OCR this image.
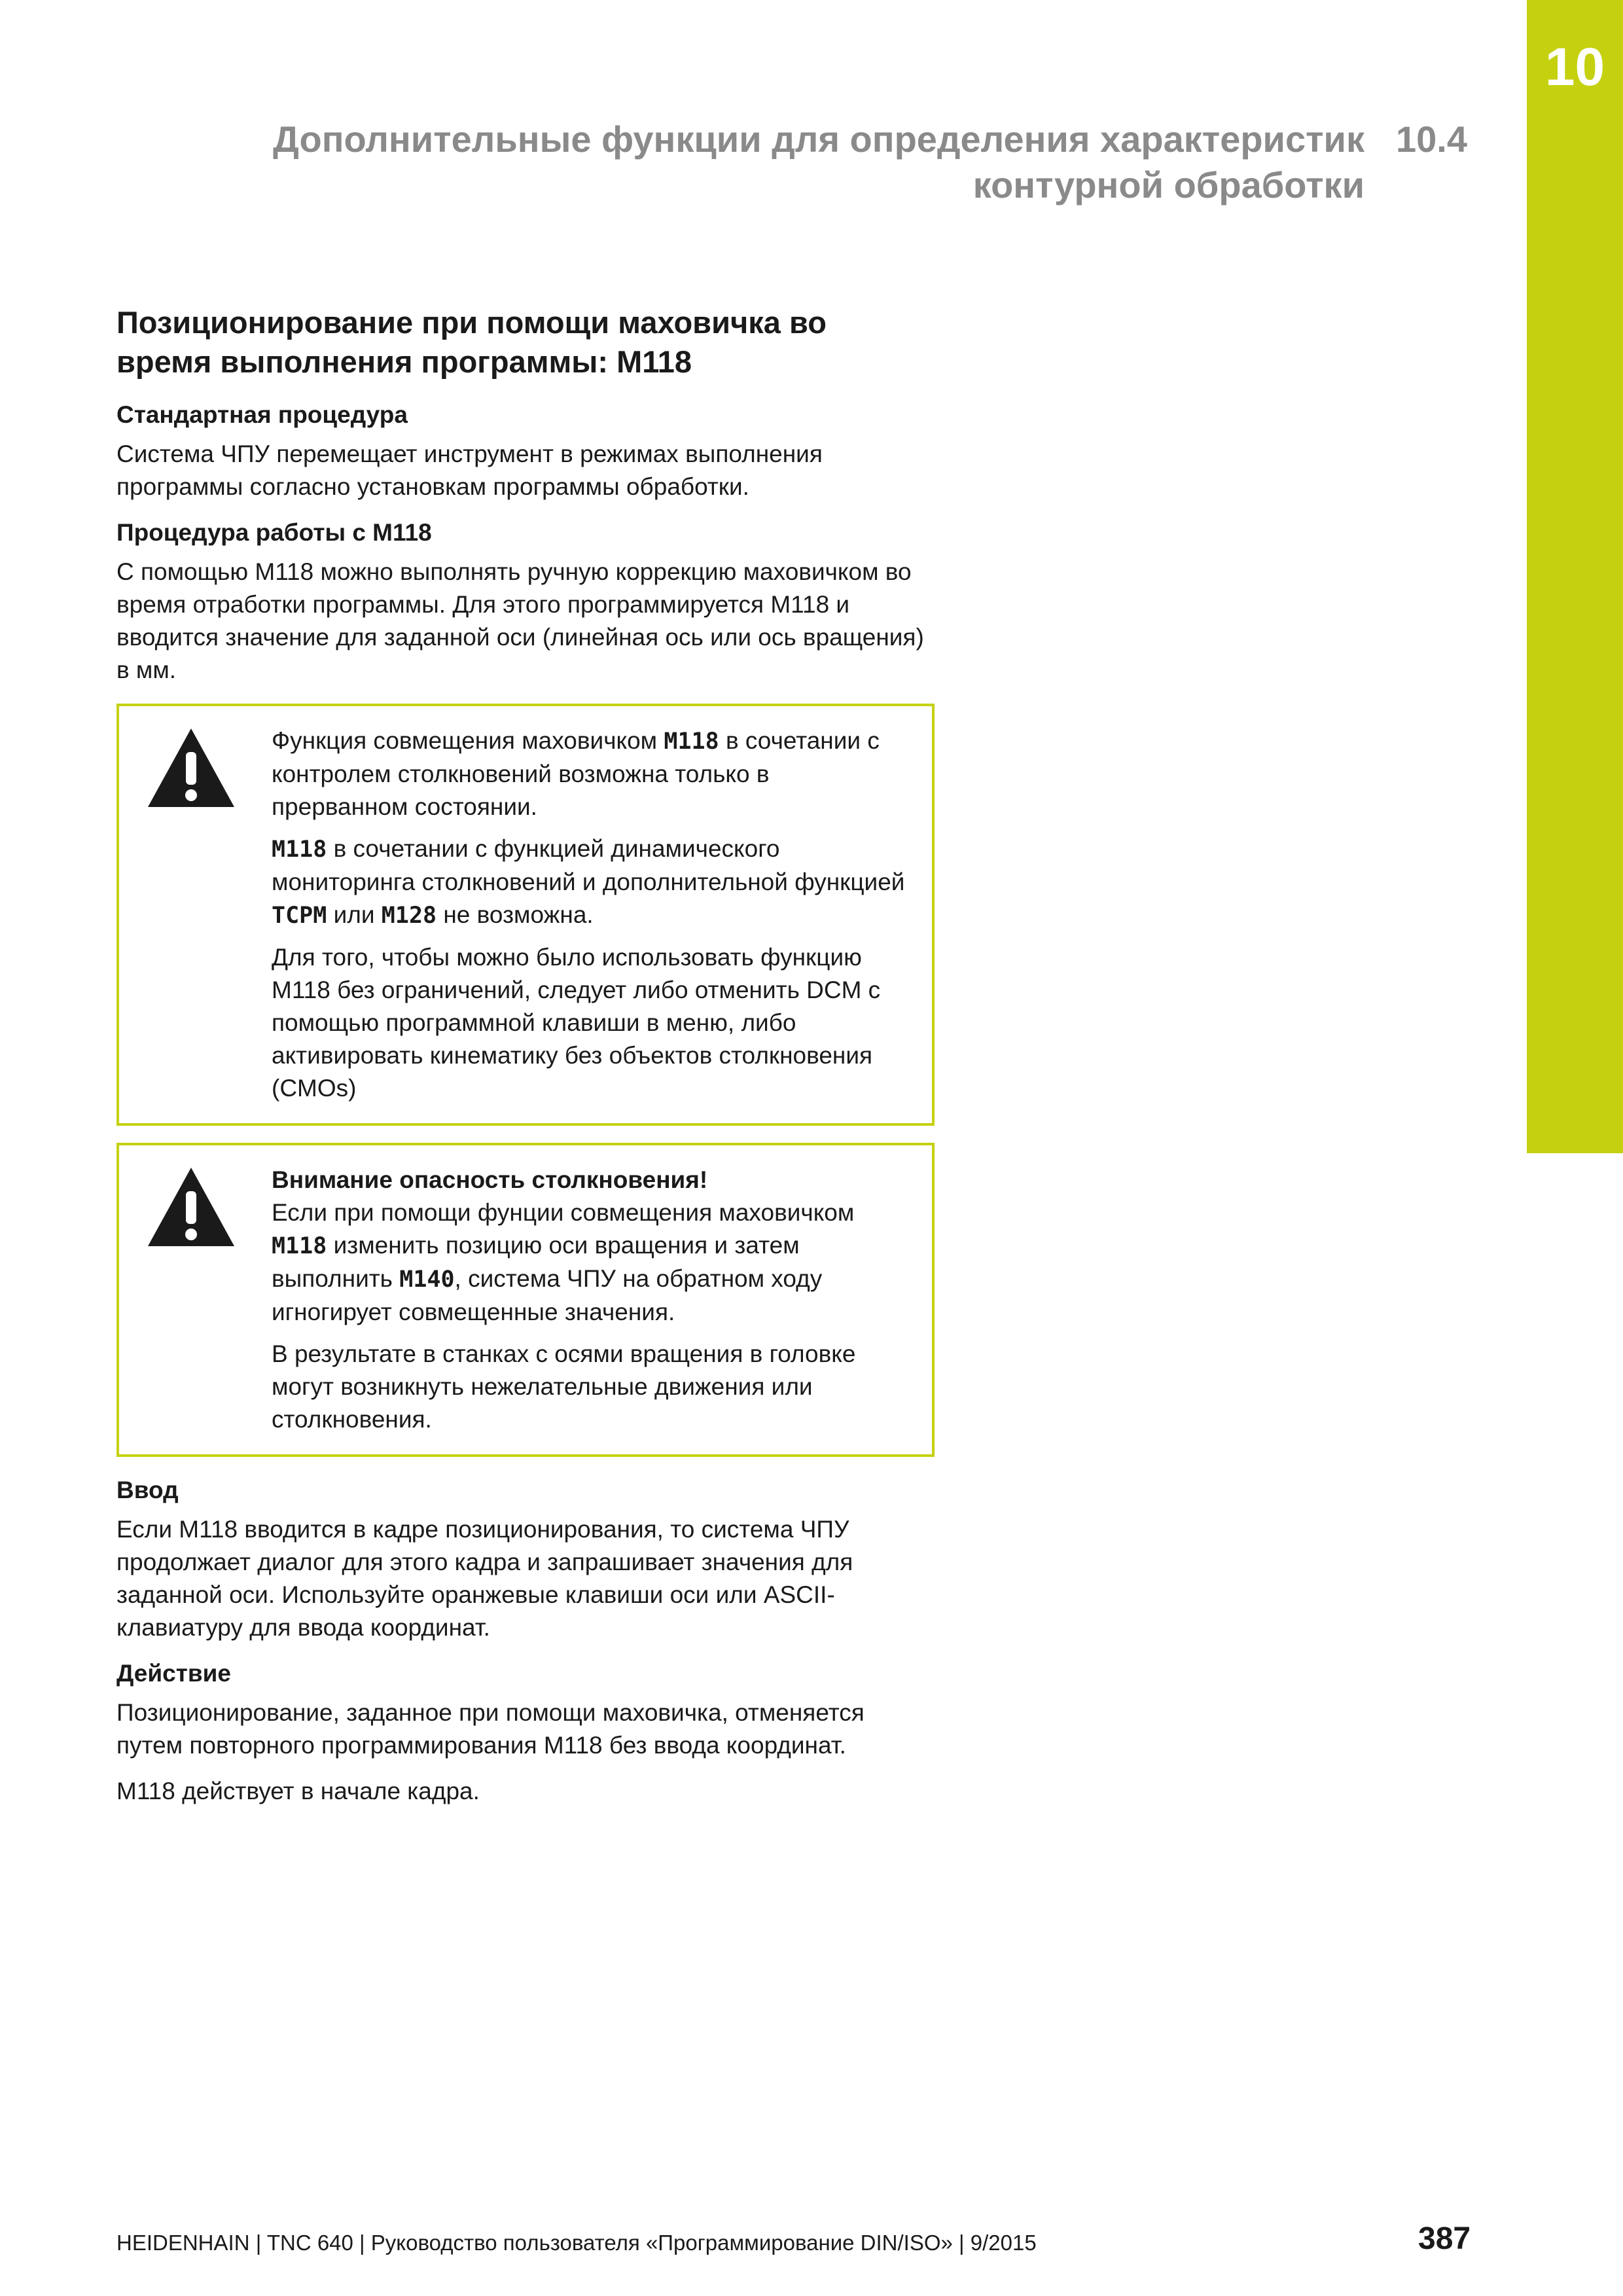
10
Дополнительные функции для определения характеристик
контурной обработки
10.4
Позиционирование при помощи маховичка во
время выполнения программы: M118
Стандартная процедура

Система ЧПУ перемещает инструмент в режимах выполнения программы согласно установкам программы обработки.

Процедура работы с M118

С помощью M118 можно выполнять ручную коррекцию маховичком во время отработки программы. Для этого программируется M118 и вводится значение для заданной оси (линейная ось или ось вращения) в мм.

Функция совмещения маховичком M118 в сочетании с контролем столкновений возможна только в прерванном состоянии.

M118 в сочетании с функцией динамического мониторинга столкновений и дополнительной функцией TCPM или M128 не возможна.

Для того, чтобы можно было использовать функцию M118 без ограничений, следует либо отменить DCM с помощью программной клавиши в меню, либо активировать кинематику без объектов столкновения (CMOs)

Внимание опасность столкновения!

Если при помощи фунции совмещения маховичком M118 изменить позицию оси вращения и затем выполнить M140, система ЧПУ на обратном ходу игногирует совмещенные значения.

В результате в станках с осями вращения в головке могут возникнуть нежелательные движения или столкновения.

Ввод

Если M118 вводится в кадре позиционирования, то система ЧПУ продолжает диалог для этого кадра и запрашивает значения для заданной оси. Используйте оранжевые клавиши оси или ASCII-клавиатуру для ввода координат.

Действие

Позиционирование, заданное при помощи маховичка, отменяется путем повторного программирования M118 без ввода координат.

M118 действует в начале кадра.

HEIDENHAIN | TNC 640 | Руководство пользователя «Программирование DIN/ISO» | 9/2015	387
